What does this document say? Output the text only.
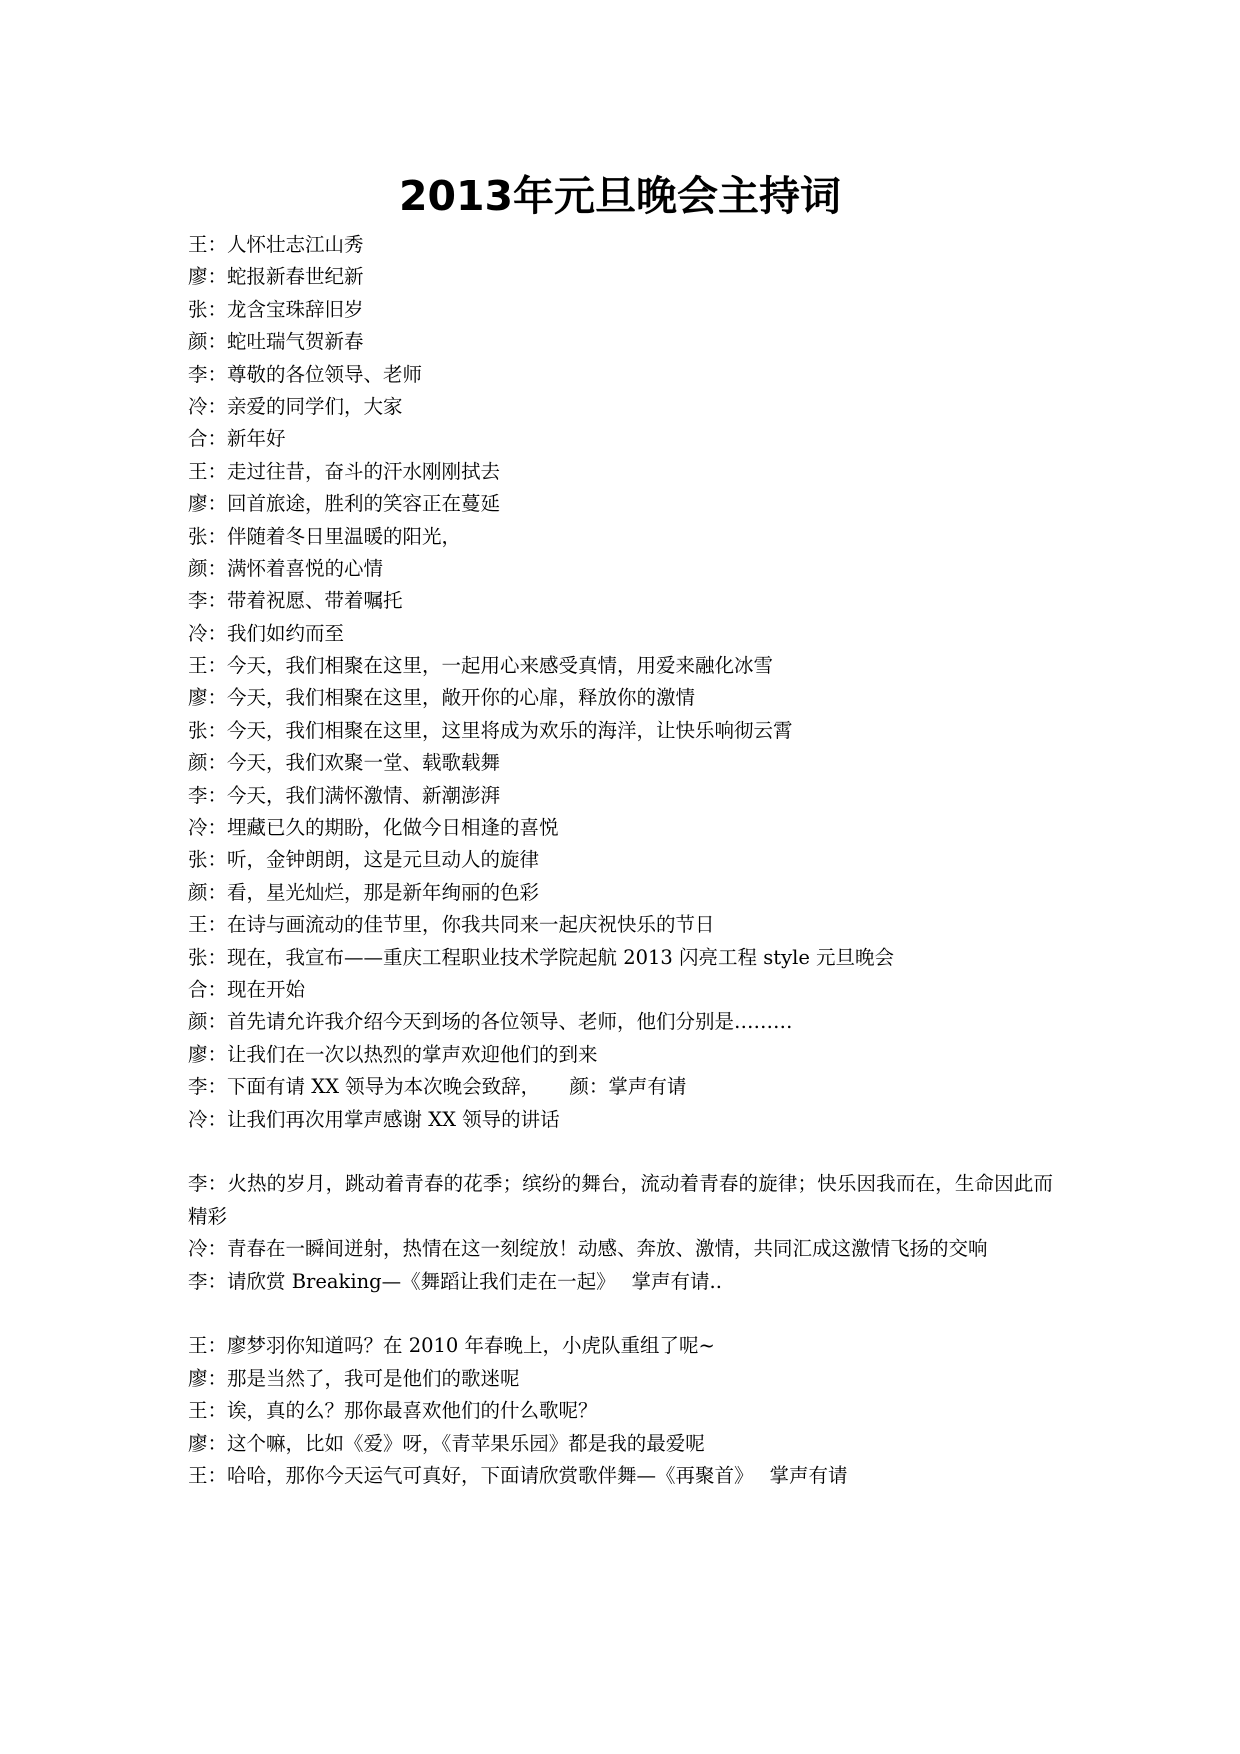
2013年元旦晚会主持词
王：人怀壮志江山秀
廖：蛇报新春世纪新
张：龙含宝珠辞旧岁
颜：蛇吐瑞气贺新春
李：尊敬的各位领导、老师
冷：亲爱的同学们，大家
合：新年好
王：走过往昔，奋斗的汗水刚刚拭去
廖：回首旅途，胜利的笑容正在蔓延
张：伴随着冬日里温暖的阳光，
颜：满怀着喜悦的心情
李：带着祝愿、带着嘱托
冷：我们如约而至
王：今天，我们相聚在这里，一起用心来感受真情，用爱来融化冰雪
廖：今天，我们相聚在这里，敞开你的心扉，释放你的激情
张：今天，我们相聚在这里，这里将成为欢乐的海洋，让快乐响彻云霄
颜：今天，我们欢聚一堂、载歌载舞
李：今天，我们满怀激情、新潮澎湃
冷：埋藏已久的期盼，化做今日相逢的喜悦
张：听，金钟朗朗，这是元旦动人的旋律
颜：看，星光灿烂，那是新年绚丽的色彩
王：在诗与画流动的佳节里，你我共同来一起庆祝快乐的节日
张：现在，我宣布——重庆工程职业技术学院起航 2013 闪亮工程 style 元旦晚会
合：现在开始
颜：首先请允许我介绍今天到场的各位领导、老师，他们分别是………
廖：让我们在一次以热烈的掌声欢迎他们的到来
李：下面有请 XX 领导为本次晚会致辞，　　颜：掌声有请
冷：让我们再次用掌声感谢 XX 领导的讲话
李：火热的岁月，跳动着青春的花季；缤纷的舞台，流动着青春的旋律；快乐因我而在，生命因此而精彩
冷：青春在一瞬间迸射，热情在这一刻绽放！动感、奔放、激情，共同汇成这激情飞扬的交响
李：请欣赏 Breaking—《舞蹈让我们走在一起》　 掌声有请..
王：廖梦羽你知道吗？在 2010 年春晚上，小虎队重组了呢~
廖：那是当然了，我可是他们的歌迷呢
王：诶，真的么？那你最喜欢他们的什么歌呢？
廖：这个嘛，比如《爱》呀，《青苹果乐园》都是我的最爱呢
王：哈哈，那你今天运气可真好，下面请欣赏歌伴舞—《再聚首》　 掌声有请
